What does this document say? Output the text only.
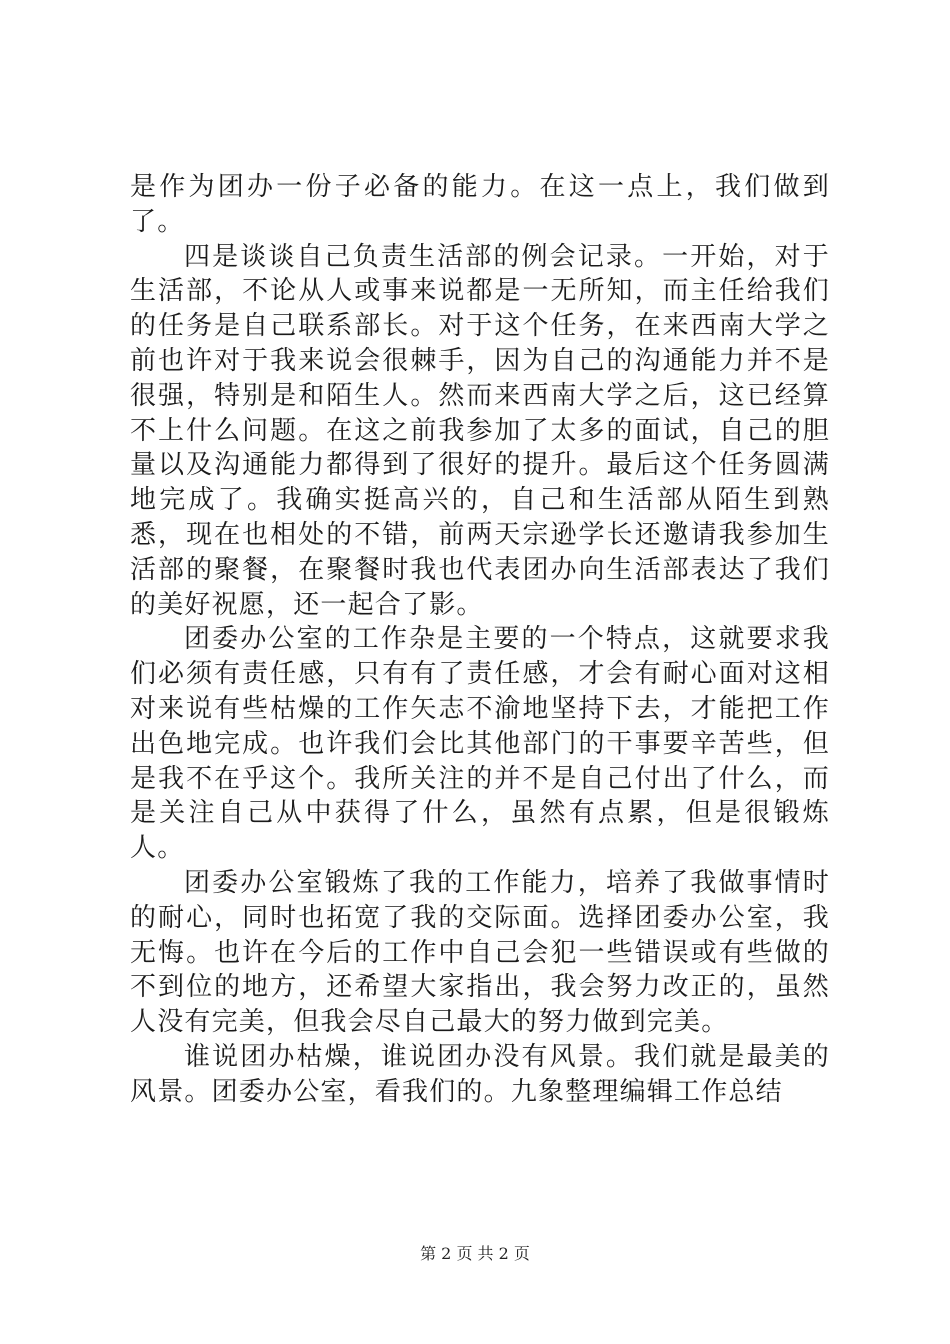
是作为团办一份子必备的能力。在这一点上，我们做到了。

四是谈谈自己负责生活部的例会记录。一开始，对于生活部，不论从人或事来说都是一无所知，而主任给我们的任务是自己联系部长。对于这个任务，在来西南大学之前也许对于我来说会很棘手，因为自己的沟通能力并不是很强，特别是和陌生人。然而来西南大学之后，这已经算不上什么问题。在这之前我参加了太多的面试，自己的胆量以及沟通能力都得到了很好的提升。最后这个任务圆满地完成了。我确实挺高兴的，自己和生活部从陌生到熟悉，现在也相处的不错，前两天宗逊学长还邀请我参加生活部的聚餐，在聚餐时我也代表团办向生活部表达了我们的美好祝愿，还一起合了影。

团委办公室的工作杂是主要的一个特点，这就要求我们必须有责任感，只有有了责任感，才会有耐心面对这相对来说有些枯燥的工作矢志不渝地坚持下去，才能把工作出色地完成。也许我们会比其他部门的干事要辛苦些，但是我不在乎这个。我所关注的并不是自己付出了什么，而是关注自己从中获得了什么，虽然有点累，但是很锻炼人。

团委办公室锻炼了我的工作能力，培养了我做事情时的耐心，同时也拓宽了我的交际面。选择团委办公室，我无悔。也许在今后的工作中自己会犯一些错误或有些做的不到位的地方，还希望大家指出，我会努力改正的，虽然人没有完美，但我会尽自己最大的努力做到完美。

谁说团办枯燥，谁说团办没有风景。我们就是最美的风景。团委办公室，看我们的。九象整理编辑工作总结

第 2 页 共 2 页
